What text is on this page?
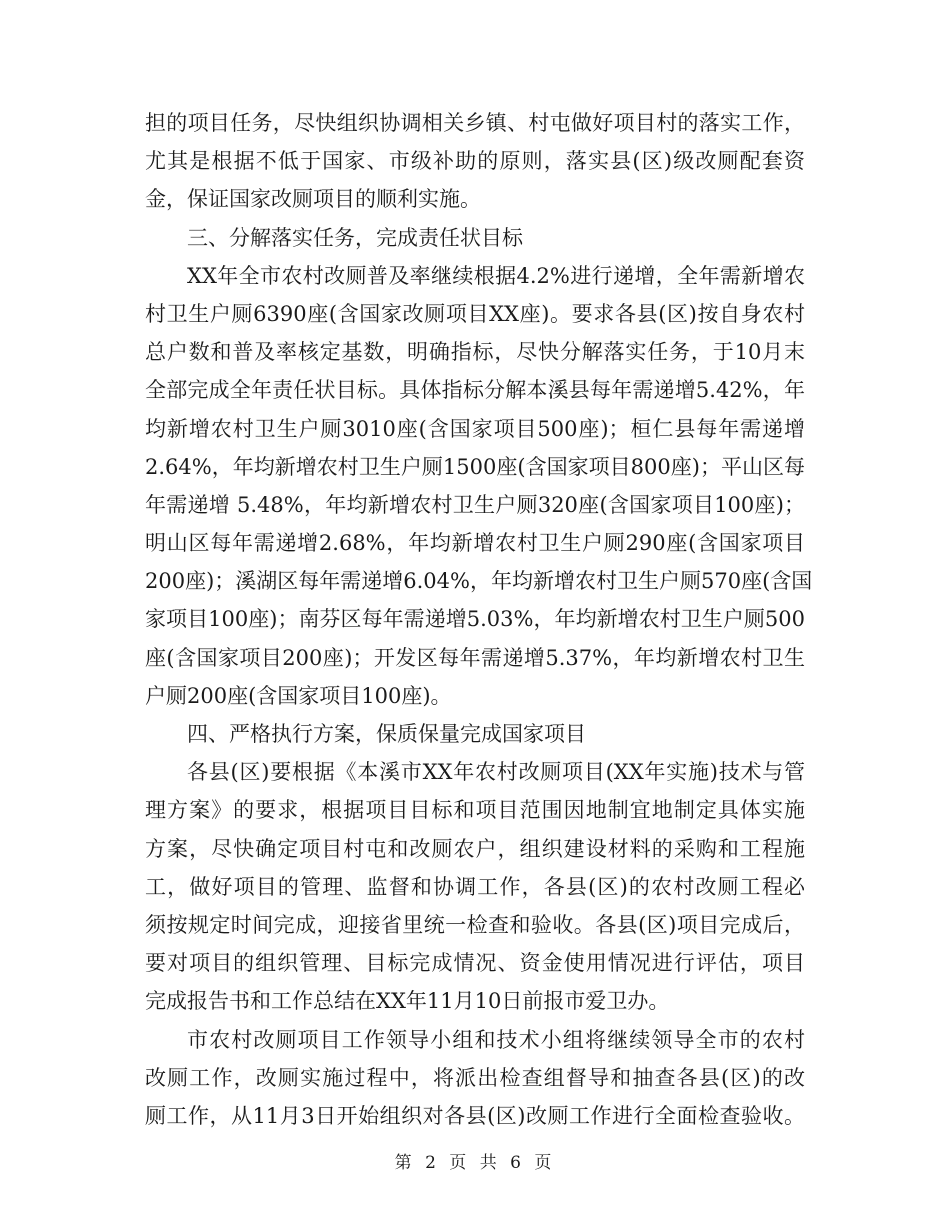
担的项目任务，尽快组织协调相关乡镇、村屯做好项目村的落实工作，
尤其是根据不低于国家、市级补助的原则，落实县(区)级改厕配套资
金，保证国家改厕项目的顺利实施。
三、分解落实任务，完成责任状目标
XX年全市农村改厕普及率继续根据4.2%进行递增，全年需新增农
村卫生户厕6390座(含国家改厕项目XX座)。要求各县(区)按自身农村
总户数和普及率核定基数，明确指标，尽快分解落实任务，于10月末
全部完成全年责任状目标。具体指标分解本溪县每年需递增5.42%，年
均新增农村卫生户厕3010座(含国家项目500座)；桓仁县每年需递增
2.64%，年均新增农村卫生户厕1500座(含国家项目800座)；平山区每
年需递增 5.48%，年均新增农村卫生户厕320座(含国家项目100座)；
明山区每年需递增2.68%，年均新增农村卫生户厕290座(含国家项目
200座)；溪湖区每年需递增6.04%，年均新增农村卫生户厕570座(含国
家项目100座)；南芬区每年需递增5.03%，年均新增农村卫生户厕500
座(含国家项目200座)；开发区每年需递增5.37%，年均新增农村卫生
户厕200座(含国家项目100座)。
四、严格执行方案，保质保量完成国家项目
各县(区)要根据《本溪市XX年农村改厕项目(XX年实施)技术与管
理方案》的要求，根据项目目标和项目范围因地制宜地制定具体实施
方案，尽快确定项目村屯和改厕农户，组织建设材料的采购和工程施
工，做好项目的管理、监督和协调工作，各县(区)的农村改厕工程必
须按规定时间完成，迎接省里统一检查和验收。各县(区)项目完成后，
要对项目的组织管理、目标完成情况、资金使用情况进行评估，项目
完成报告书和工作总结在XX年11月10日前报市爱卫办。
市农村改厕项目工作领导小组和技术小组将继续领导全市的农村
改厕工作，改厕实施过程中，将派出检查组督导和抽查各县(区)的改
厕工作，从11月3日开始组织对各县(区)改厕工作进行全面检查验收。
第 2 页 共 6 页
